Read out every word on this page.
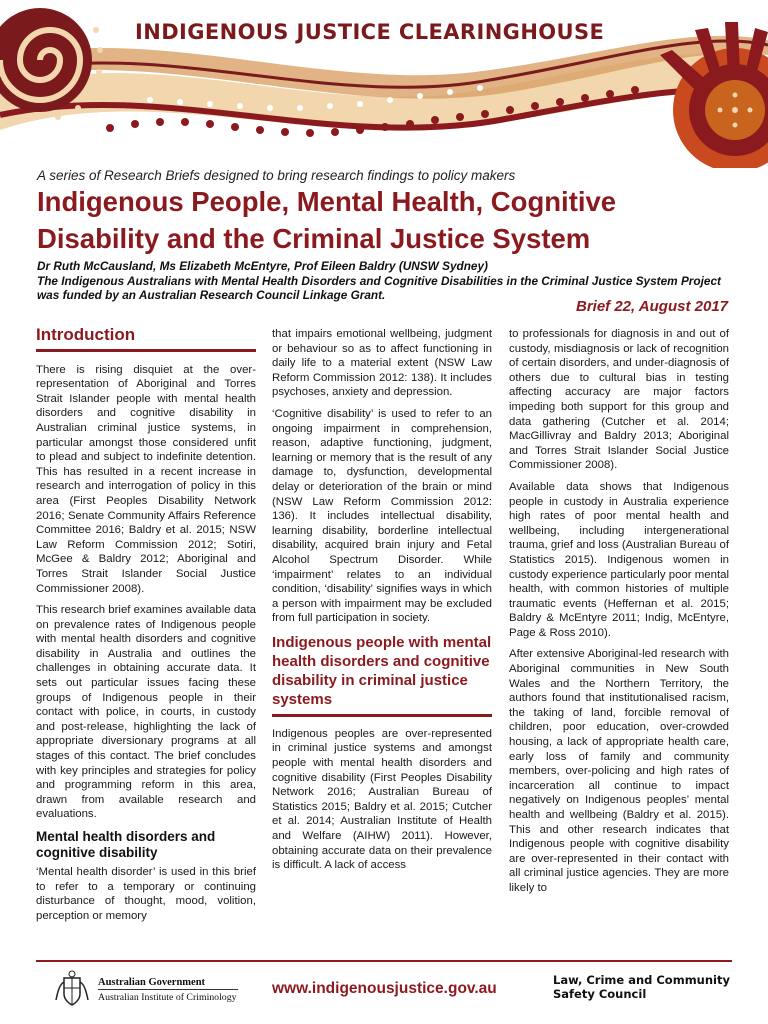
INDIGENOUS JUSTICE CLEARINGHOUSE
A series of Research Briefs designed to bring research findings to policy makers
Indigenous People, Mental Health, Cognitive Disability and the Criminal Justice System
Dr Ruth McCausland, Ms Elizabeth McEntyre, Prof Eileen Baldry (UNSW Sydney)
The Indigenous Australians with Mental Health Disorders and Cognitive Disabilities in the Criminal Justice System Project was funded by an Australian Research Council Linkage Grant.
Brief 22, August 2017
Introduction

There is rising disquiet at the over-representation of Aboriginal and Torres Strait Islander people with mental health disorders and cognitive disability in Australian criminal justice systems, in particular amongst those considered unfit to plead and subject to indefinite detention. This has resulted in a recent increase in research and interrogation of policy in this area (First Peoples Disability Network 2016; Senate Community Affairs Reference Committee 2016; Baldry et al. 2015; NSW Law Reform Commission 2012; Sotiri, McGee & Baldry 2012; Aboriginal and Torres Strait Islander Social Justice Commissioner 2008).

This research brief examines available data on prevalence rates of Indigenous people with mental health disorders and cognitive disability in Australia and outlines the challenges in obtaining accurate data. It sets out particular issues facing these groups of Indigenous people in their contact with police, in courts, in custody and post-release, highlighting the lack of appropriate diversionary programs at all stages of this contact. The brief concludes with key principles and strategies for policy and programming reform in this area, drawn from available research and evaluations.

Mental health disorders and cognitive disability

‘Mental health disorder’ is used in this brief to refer to a temporary or continuing disturbance of thought, mood, volition, perception or memory

that impairs emotional wellbeing, judgment or behaviour so as to affect functioning in daily life to a material extent (NSW Law Reform Commission 2012: 138). It includes psychoses, anxiety and depression.

‘Cognitive disability’ is used to refer to an ongoing impairment in comprehension, reason, adaptive functioning, judgment, learning or memory that is the result of any damage to, dysfunction, developmental delay or deterioration of the brain or mind (NSW Law Reform Commission 2012: 136). It includes intellectual disability, learning disability, borderline intellectual disability, acquired brain injury and Fetal Alcohol Spectrum Disorder. While ‘impairment’ relates to an individual condition, ‘disability’ signifies ways in which a person with impairment may be excluded from full participation in society.

Indigenous people with mental health disorders and cognitive disability in criminal justice systems

Indigenous peoples are over-represented in criminal justice systems and amongst people with mental health disorders and cognitive disability (First Peoples Disability Network 2016; Australian Bureau of Statistics 2015; Baldry et al. 2015; Cutcher et al. 2014; Australian Institute of Health and Welfare (AIHW) 2011). However, obtaining accurate data on their prevalence is difficult. A lack of access

to professionals for diagnosis in and out of custody, misdiagnosis or lack of recognition of certain disorders, and under-diagnosis of others due to cultural bias in testing affecting accuracy are major factors impeding both support for this group and data gathering (Cutcher et al. 2014; MacGillivray and Baldry 2013; Aboriginal and Torres Strait Islander Social Justice Commissioner 2008).

Available data shows that Indigenous people in custody in Australia experience high rates of poor mental health and wellbeing, including intergenerational trauma, grief and loss (Australian Bureau of Statistics 2015). Indigenous women in custody experience particularly poor mental health, with common histories of multiple traumatic events (Heffernan et al. 2015; Baldry & McEntyre 2011; Indig, McEntyre, Page & Ross 2010).

After extensive Aboriginal-led research with Aboriginal communities in New South Wales and the Northern Territory, the authors found that institutionalised racism, the taking of land, forcible removal of children, poor education, over-crowded housing, a lack of appropriate health care, early loss of family and community members, over-policing and high rates of incarceration all continue to impact negatively on Indigenous peoples’ mental health and wellbeing (Baldry et al. 2015). This and other research indicates that Indigenous people with cognitive disability are over-represented in their contact with all criminal justice agencies. They are more likely to

Australian Government
Australian Institute of Criminology
www.indigenousjustice.gov.au	Law, Crime and Community
Safety Council
